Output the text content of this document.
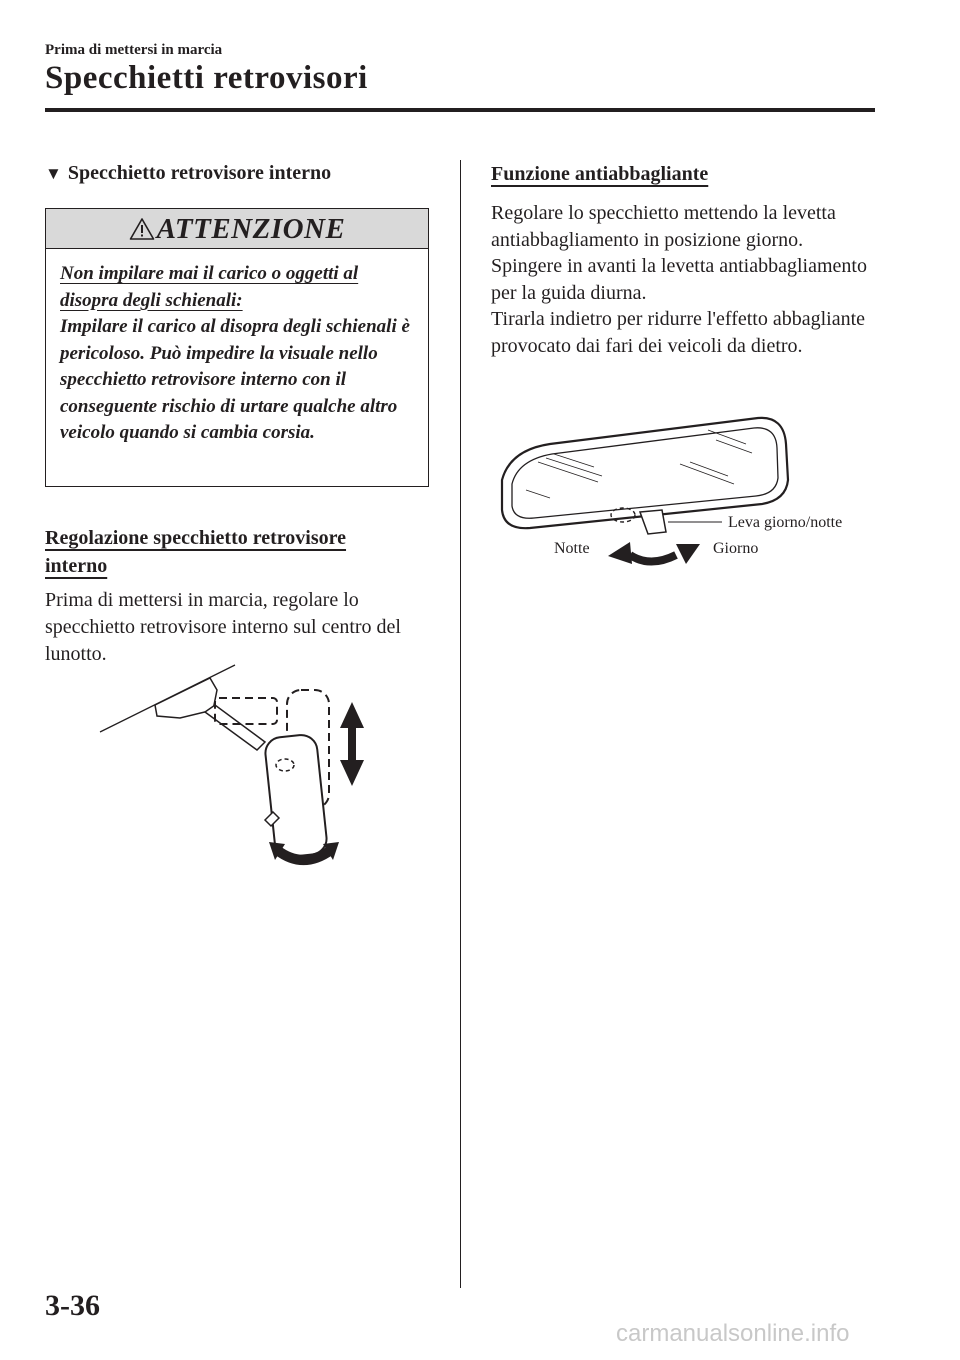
Prima di mettersi in marcia
Specchietti retrovisori
▼ Specchietto retrovisore interno
ATTENZIONE
Non impilare mai il carico o oggetti al
disopra degli schienali:
Impilare il carico al disopra degli schienali è pericoloso. Può impedire la visuale nello specchietto retrovisore interno con il conseguente rischio di urtare qualche altro veicolo quando si cambia corsia.
Regolazione specchietto retrovisore
interno
Prima di mettersi in marcia, regolare lo specchietto retrovisore interno sul centro del lunotto.
Funzione antiabbagliante
Regolare lo specchietto mettendo la levetta antiabbagliamento in posizione giorno.
Spingere in avanti la levetta antiabbagliamento per la guida diurna.
Tirarla indietro per ridurre l'effetto abbagliante provocato dai fari dei veicoli da dietro.
Leva giorno/notte
Notte	Giorno
3-36
carmanualsonline.info
